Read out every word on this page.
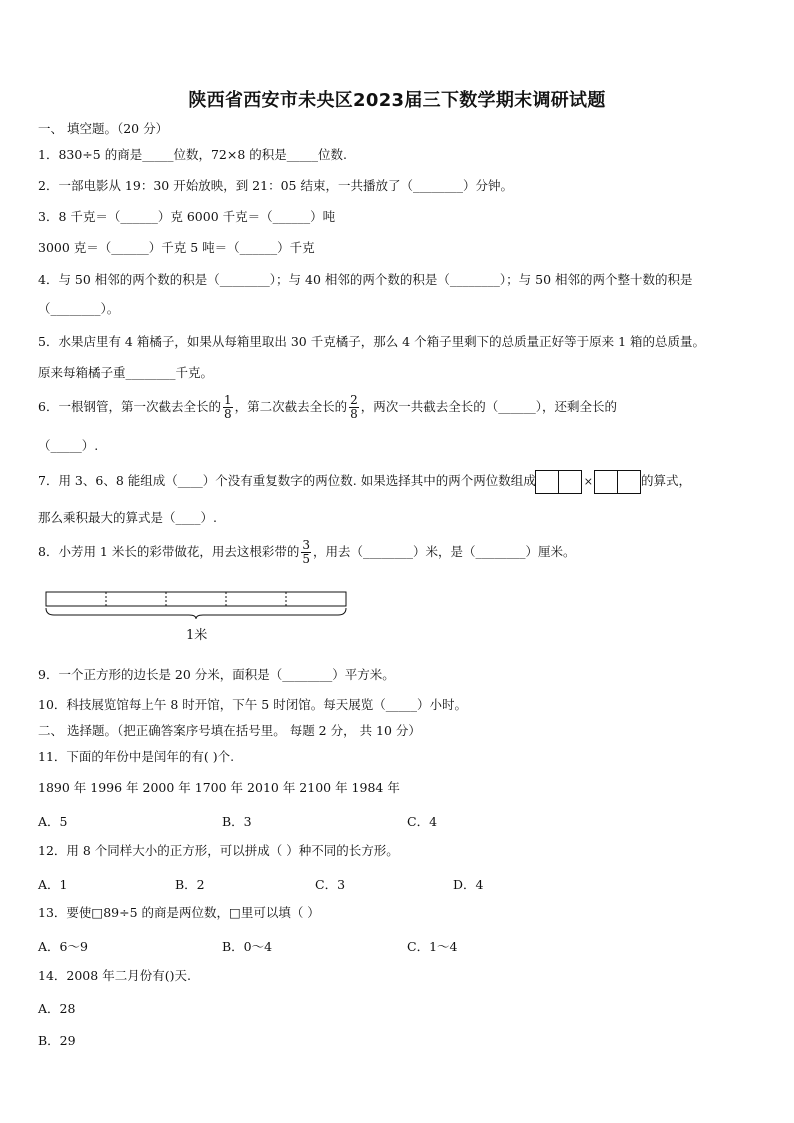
陕西省西安市未央区2023届三下数学期末调研试题
一、 填空题。（20 分）
1．830÷5 的商是_____位数，72×8 的积是_____位数.
2．一部电影从 19：30 开始放映，到 21：05 结束，一共播放了（________）分钟。
3．8 千克＝（______）克 6000 千克＝（______）吨
3000 克＝（______）千克 5 吨＝（______）千克
4．与 50 相邻的两个数的积是（________）；与 40 相邻的两个数的积是（________）；与 50 相邻的两个整十数的积是
（________）。
5．水果店里有 4 箱橘子，如果从每箱里取出 30 千克橘子，那么 4 个箱子里剩下的总质量正好等于原来 1 箱的总质量。
原来每箱橘子重________千克。
6．一根钢管，第一次截去全长的 $\frac{1}{8}$ ，第二次截去全长的 $\frac{2}{8}$ ，两次一共截去全长的（______），还剩全长的
（_____）.
7．用 3、6、8 能组成（____）个没有重复数字的两位数. 如果选择其中的两个两位数组成	×	的算式，
那么乘积最大的算式是（____）.
8．小芳用 1 米长的彩带做花，用去这根彩带的 $\frac{3}{5}$ ，用去（________）米，是（________）厘米。
1米
9．一个正方形的边长是 20 分米，面积是（________）平方米。
10．科技展览馆每上午 8 时开馆，下午 5 时闭馆。每天展览（_____）小时。
二、 选择题。（把正确答案序号填在括号里。 每题 2 分， 共 10 分）
11．下面的年份中是闰年的有( )个.
1890 年 1996 年 2000 年 1700 年 2010 年 2100 年 1984 年
A．5	B．3	C．4
12．用 8 个同样大小的正方形，可以拼成（ ）种不同的长方形。
A．1	B．2	C．3	D．4
13．要使□89÷5 的商是两位数，□里可以填（ ）
A．6～9	B．0～4	C．1～4
14．2008 年二月份有()天.
A．28
B．29
